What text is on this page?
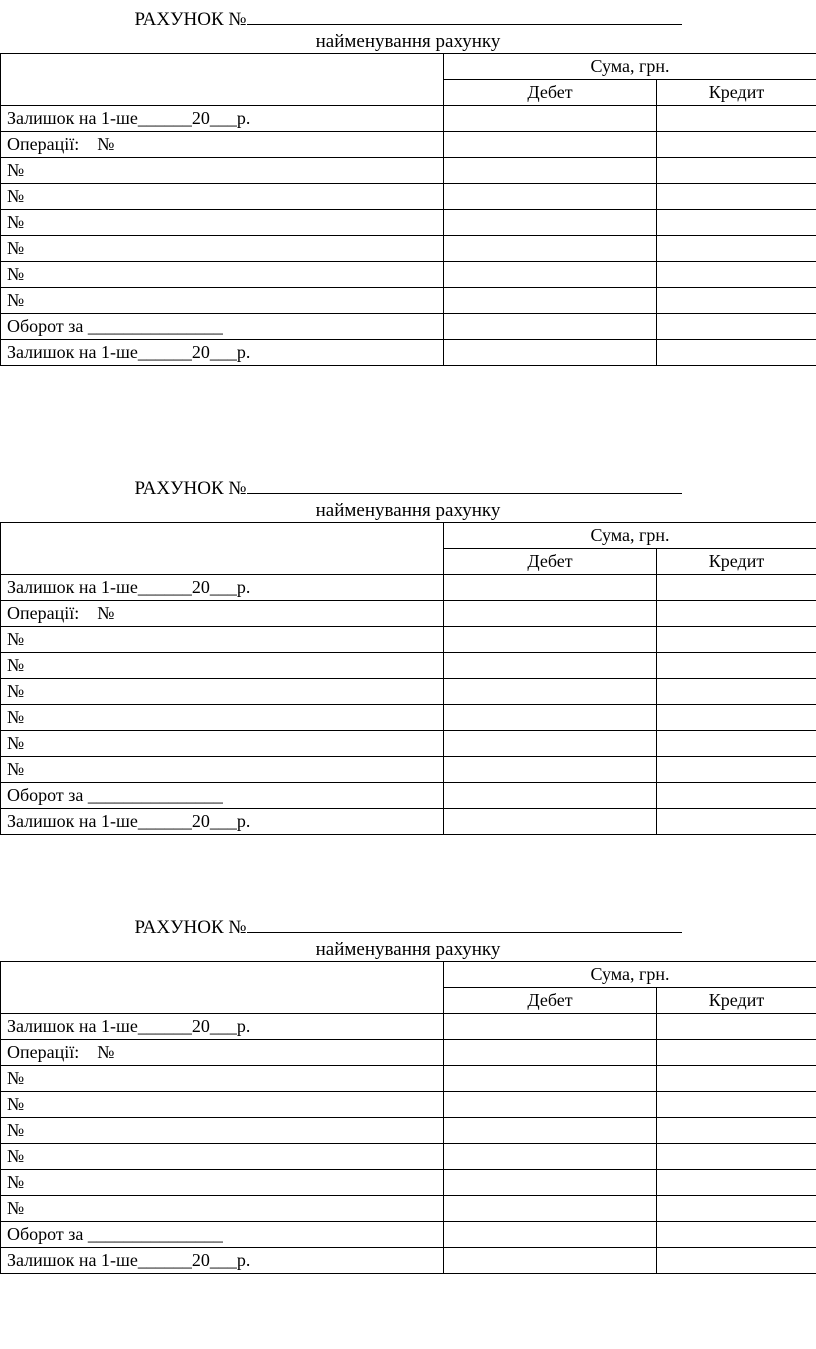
РАХУНОК №
найменування рахунку
	Сума, грн.	
	Дебет	Кредит
Залишок на 1-ше______20___р.		
Операції:    №		
№		
№		
№		
№		
№		
№		
Оборот за _______________		
Залишок на 1-ше______20___р.		
РАХУНОК №
найменування рахунку
	Сума, грн.	
	Дебет	Кредит
Залишок на 1-ше______20___р.		
Операції:    №		
№		
№		
№		
№		
№		
№		
Оборот за _______________		
Залишок на 1-ше______20___р.		
РАХУНОК №
найменування рахунку
	Сума, грн.	
	Дебет	Кредит
Залишок на 1-ше______20___р.		
Операції:    №		
№		
№		
№		
№		
№		
№		
Оборот за _______________		
Залишок на 1-ше______20___р.		
